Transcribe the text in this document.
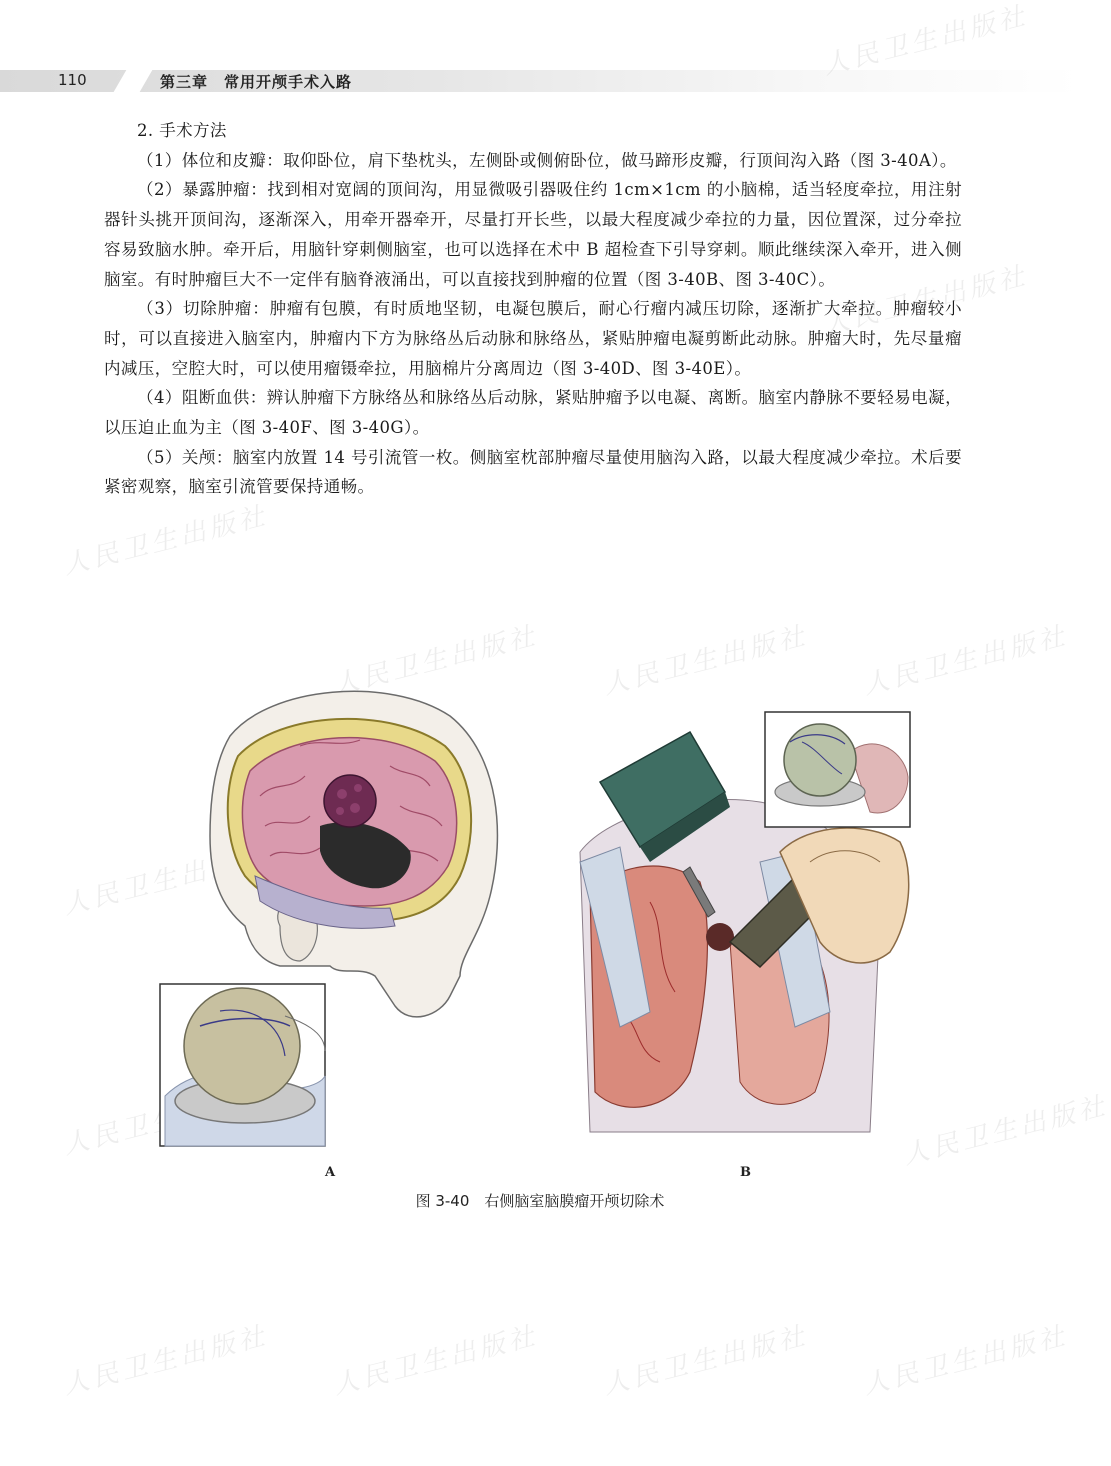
110	第三章　常用开颅手术入路
人民卫生出版社
人民卫生出版社
人民卫生出版社
人民卫生出版社 人民卫生出版社 人民卫生出版社
人民卫生出版社
人民卫生出版社
人民卫生出版社 人民卫生出版社 人民卫生出版社 人民卫生出版社

2. 手术方法

（1）体位和皮瓣：取仰卧位，肩下垫枕头，左侧卧或侧俯卧位，做马蹄形皮瓣，行顶间沟入路（图 3-40A）。

（2）暴露肿瘤：找到相对宽阔的顶间沟，用显微吸引器吸住约 1cm×1cm 的小脑棉，适当轻度牵拉，用注射器针头挑开顶间沟，逐渐深入，用牵开器牵开，尽量打开长些，以最大程度减少牵拉的力量，因位置深，过分牵拉容易致脑水肿。牵开后，用脑针穿刺侧脑室，也可以选择在术中 B 超检查下引导穿刺。顺此继续深入牵开，进入侧脑室。有时肿瘤巨大不一定伴有脑脊液涌出，可以直接找到肿瘤的位置（图 3-40B、图 3-40C）。

（3）切除肿瘤：肿瘤有包膜，有时质地坚韧，电凝包膜后，耐心行瘤内减压切除，逐渐扩大牵拉。肿瘤较小时，可以直接进入脑室内，肿瘤内下方为脉络丛后动脉和脉络丛，紧贴肿瘤电凝剪断此动脉。肿瘤大时，先尽量瘤内减压，空腔大时，可以使用瘤镊牵拉，用脑棉片分离周边（图 3-40D、图 3-40E）。

（4）阻断血供：辨认肿瘤下方脉络丛和脉络丛后动脉，紧贴肿瘤予以电凝、离断。脑室内静脉不要轻易电凝，以压迫止血为主（图 3-40F、图 3-40G）。

（5）关颅：脑室内放置 14 号引流管一枚。侧脑室枕部肿瘤尽量使用脑沟入路，以最大程度减少牵拉。术后要紧密观察，脑室引流管要保持通畅。

A	B
图 3-40　右侧脑室脑膜瘤开颅切除术
